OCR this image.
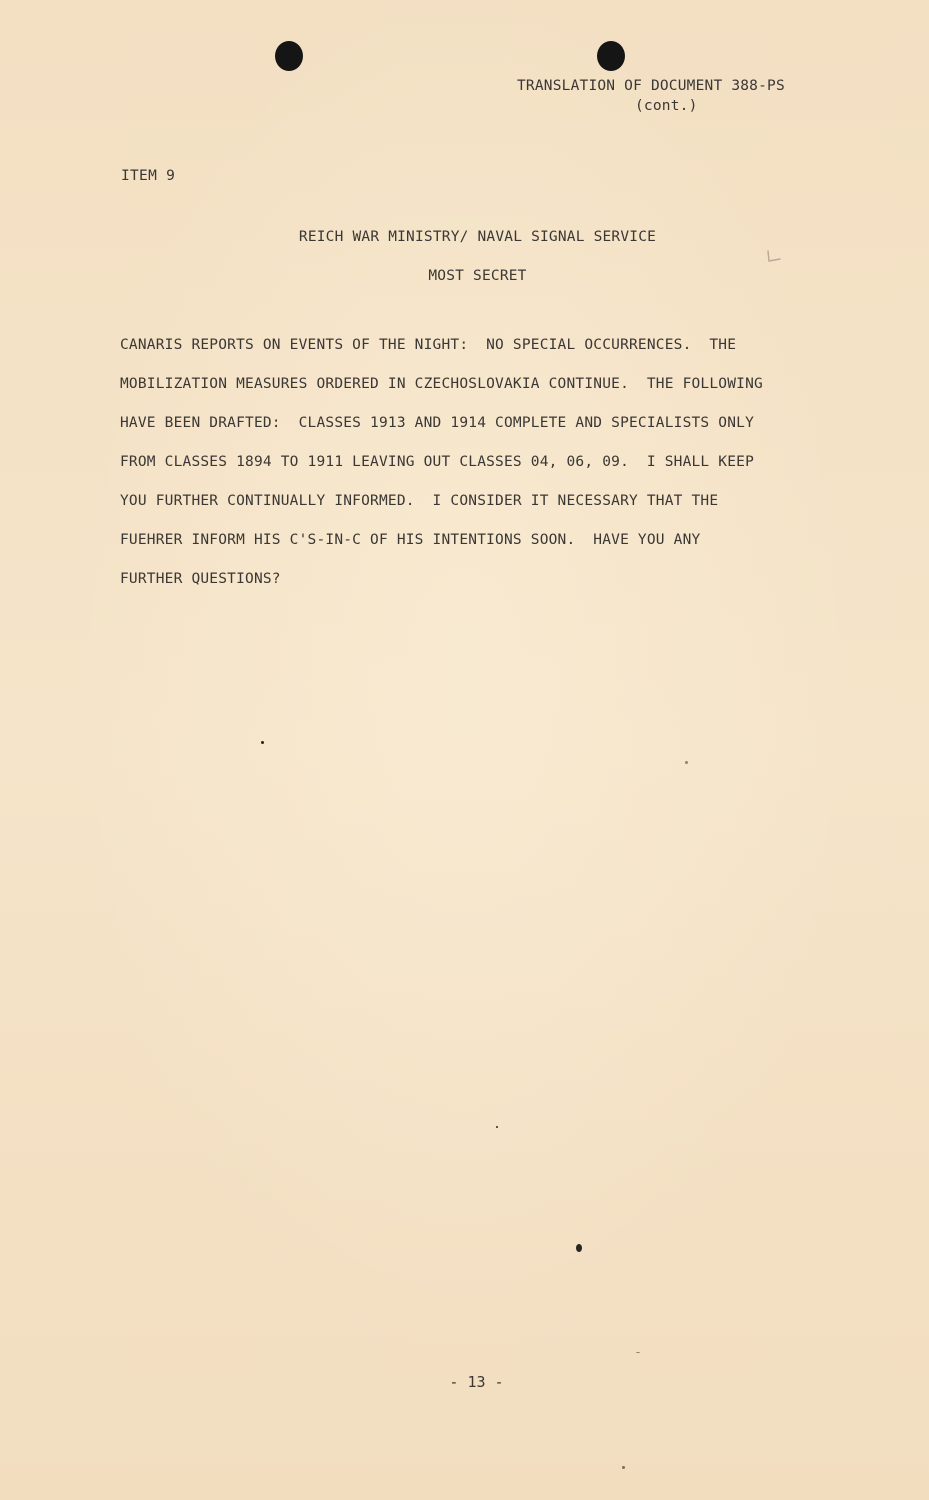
TRANSLATION OF DOCUMENT 388-PS
(cont.)
ITEM 9
REICH WAR MINISTRY/ NAVAL SIGNAL SERVICE
MOST SECRET
CANARIS REPORTS ON EVENTS OF THE NIGHT:  NO SPECIAL OCCURRENCES.  THE
MOBILIZATION MEASURES ORDERED IN CZECHOSLOVAKIA CONTINUE.  THE FOLLOWING
HAVE BEEN DRAFTED:  CLASSES 1913 AND 1914 COMPLETE AND SPECIALISTS ONLY
FROM CLASSES 1894 TO 1911 LEAVING OUT CLASSES 04, 06, 09.  I SHALL KEEP
YOU FURTHER CONTINUALLY INFORMED.  I CONSIDER IT NECESSARY THAT THE
FUEHRER INFORM HIS C'S-IN-C OF HIS INTENTIONS SOON.  HAVE YOU ANY
FURTHER QUESTIONS?
- 13 -
